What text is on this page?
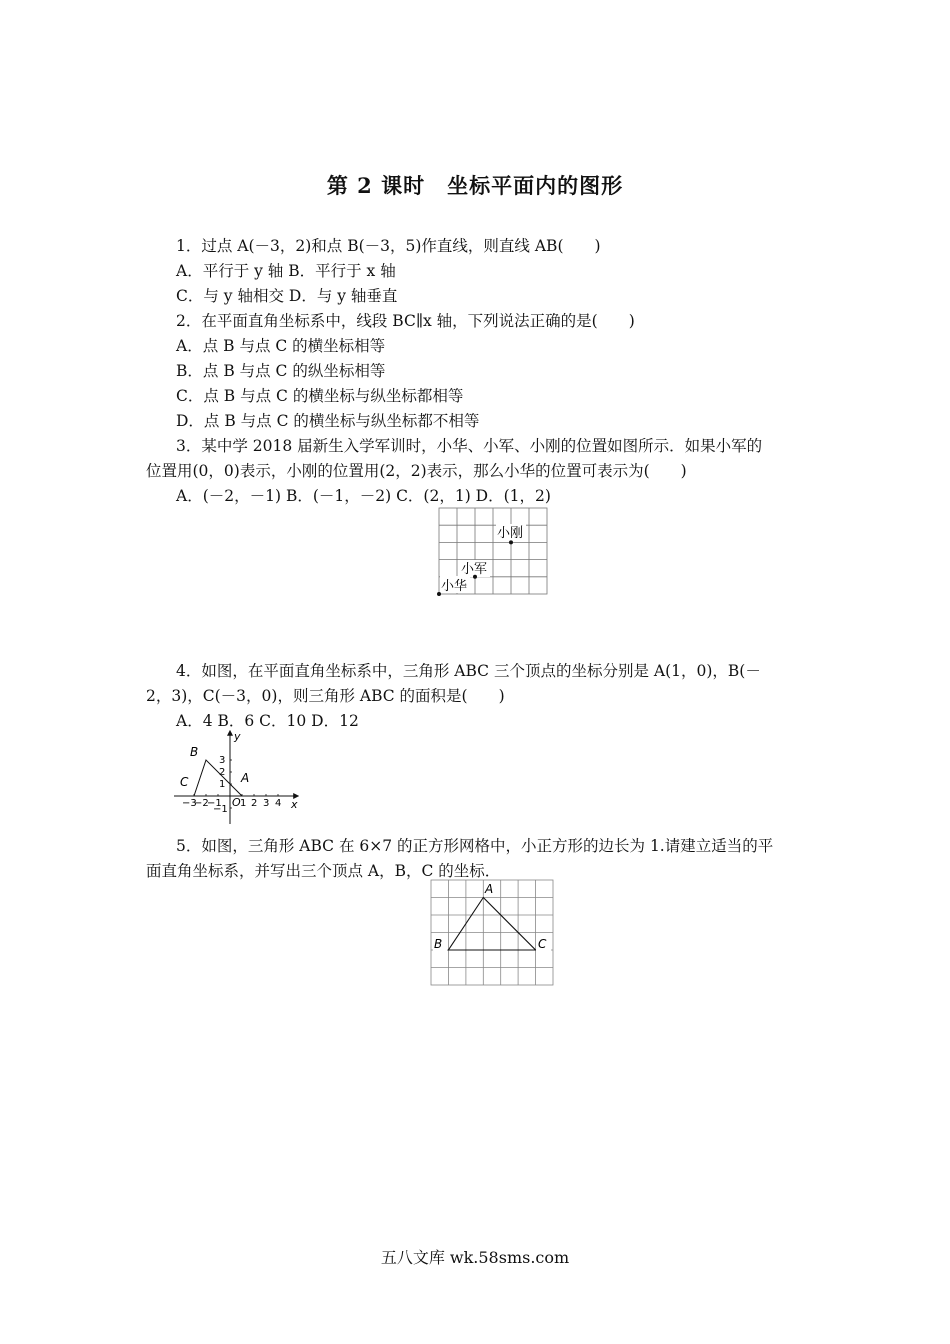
第 2 课时　坐标平面内的图形
1．过点 A(－3，2)和点 B(－3，5)作直线，则直线 AB(　　)
A．平行于 y 轴 B．平行于 x 轴
C．与 y 轴相交 D．与 y 轴垂直
2．在平面直角坐标系中，线段 BC∥x 轴，下列说法正确的是(　　)
A．点 B 与点 C 的横坐标相等
B．点 B 与点 C 的纵坐标相等
C．点 B 与点 C 的横坐标与纵坐标都相等
D．点 B 与点 C 的横坐标与纵坐标都不相等
3．某中学 2018 届新生入学军训时，小华、小军、小刚的位置如图所示．如果小军的
位置用(0，0)表示，小刚的位置用(2，2)表示，那么小华的位置可表示为(　　)
A．(－2，－1) B．(－1，－2) C．(2，1) D．(1，2)
小刚
小军
小华
4．如图，在平面直角坐标系中，三角形 ABC 三个顶点的坐标分别是 A(1，0)，B(－
2，3)，C(－3，0)，则三角形 ABC 的面积是(　　)
A．4 B．6 C．10 D．12
B
C	A
O
y
x
−3
−2
−1 1 2 3 4
3
2
1
−1
5．如图，三角形 ABC 在 6×7 的正方形网格中，小正方形的边长为 1.请建立适当的平
面直角坐标系，并写出三个顶点 A，B，C 的坐标．
A
B	C
五八文库 wk.58sms.com
